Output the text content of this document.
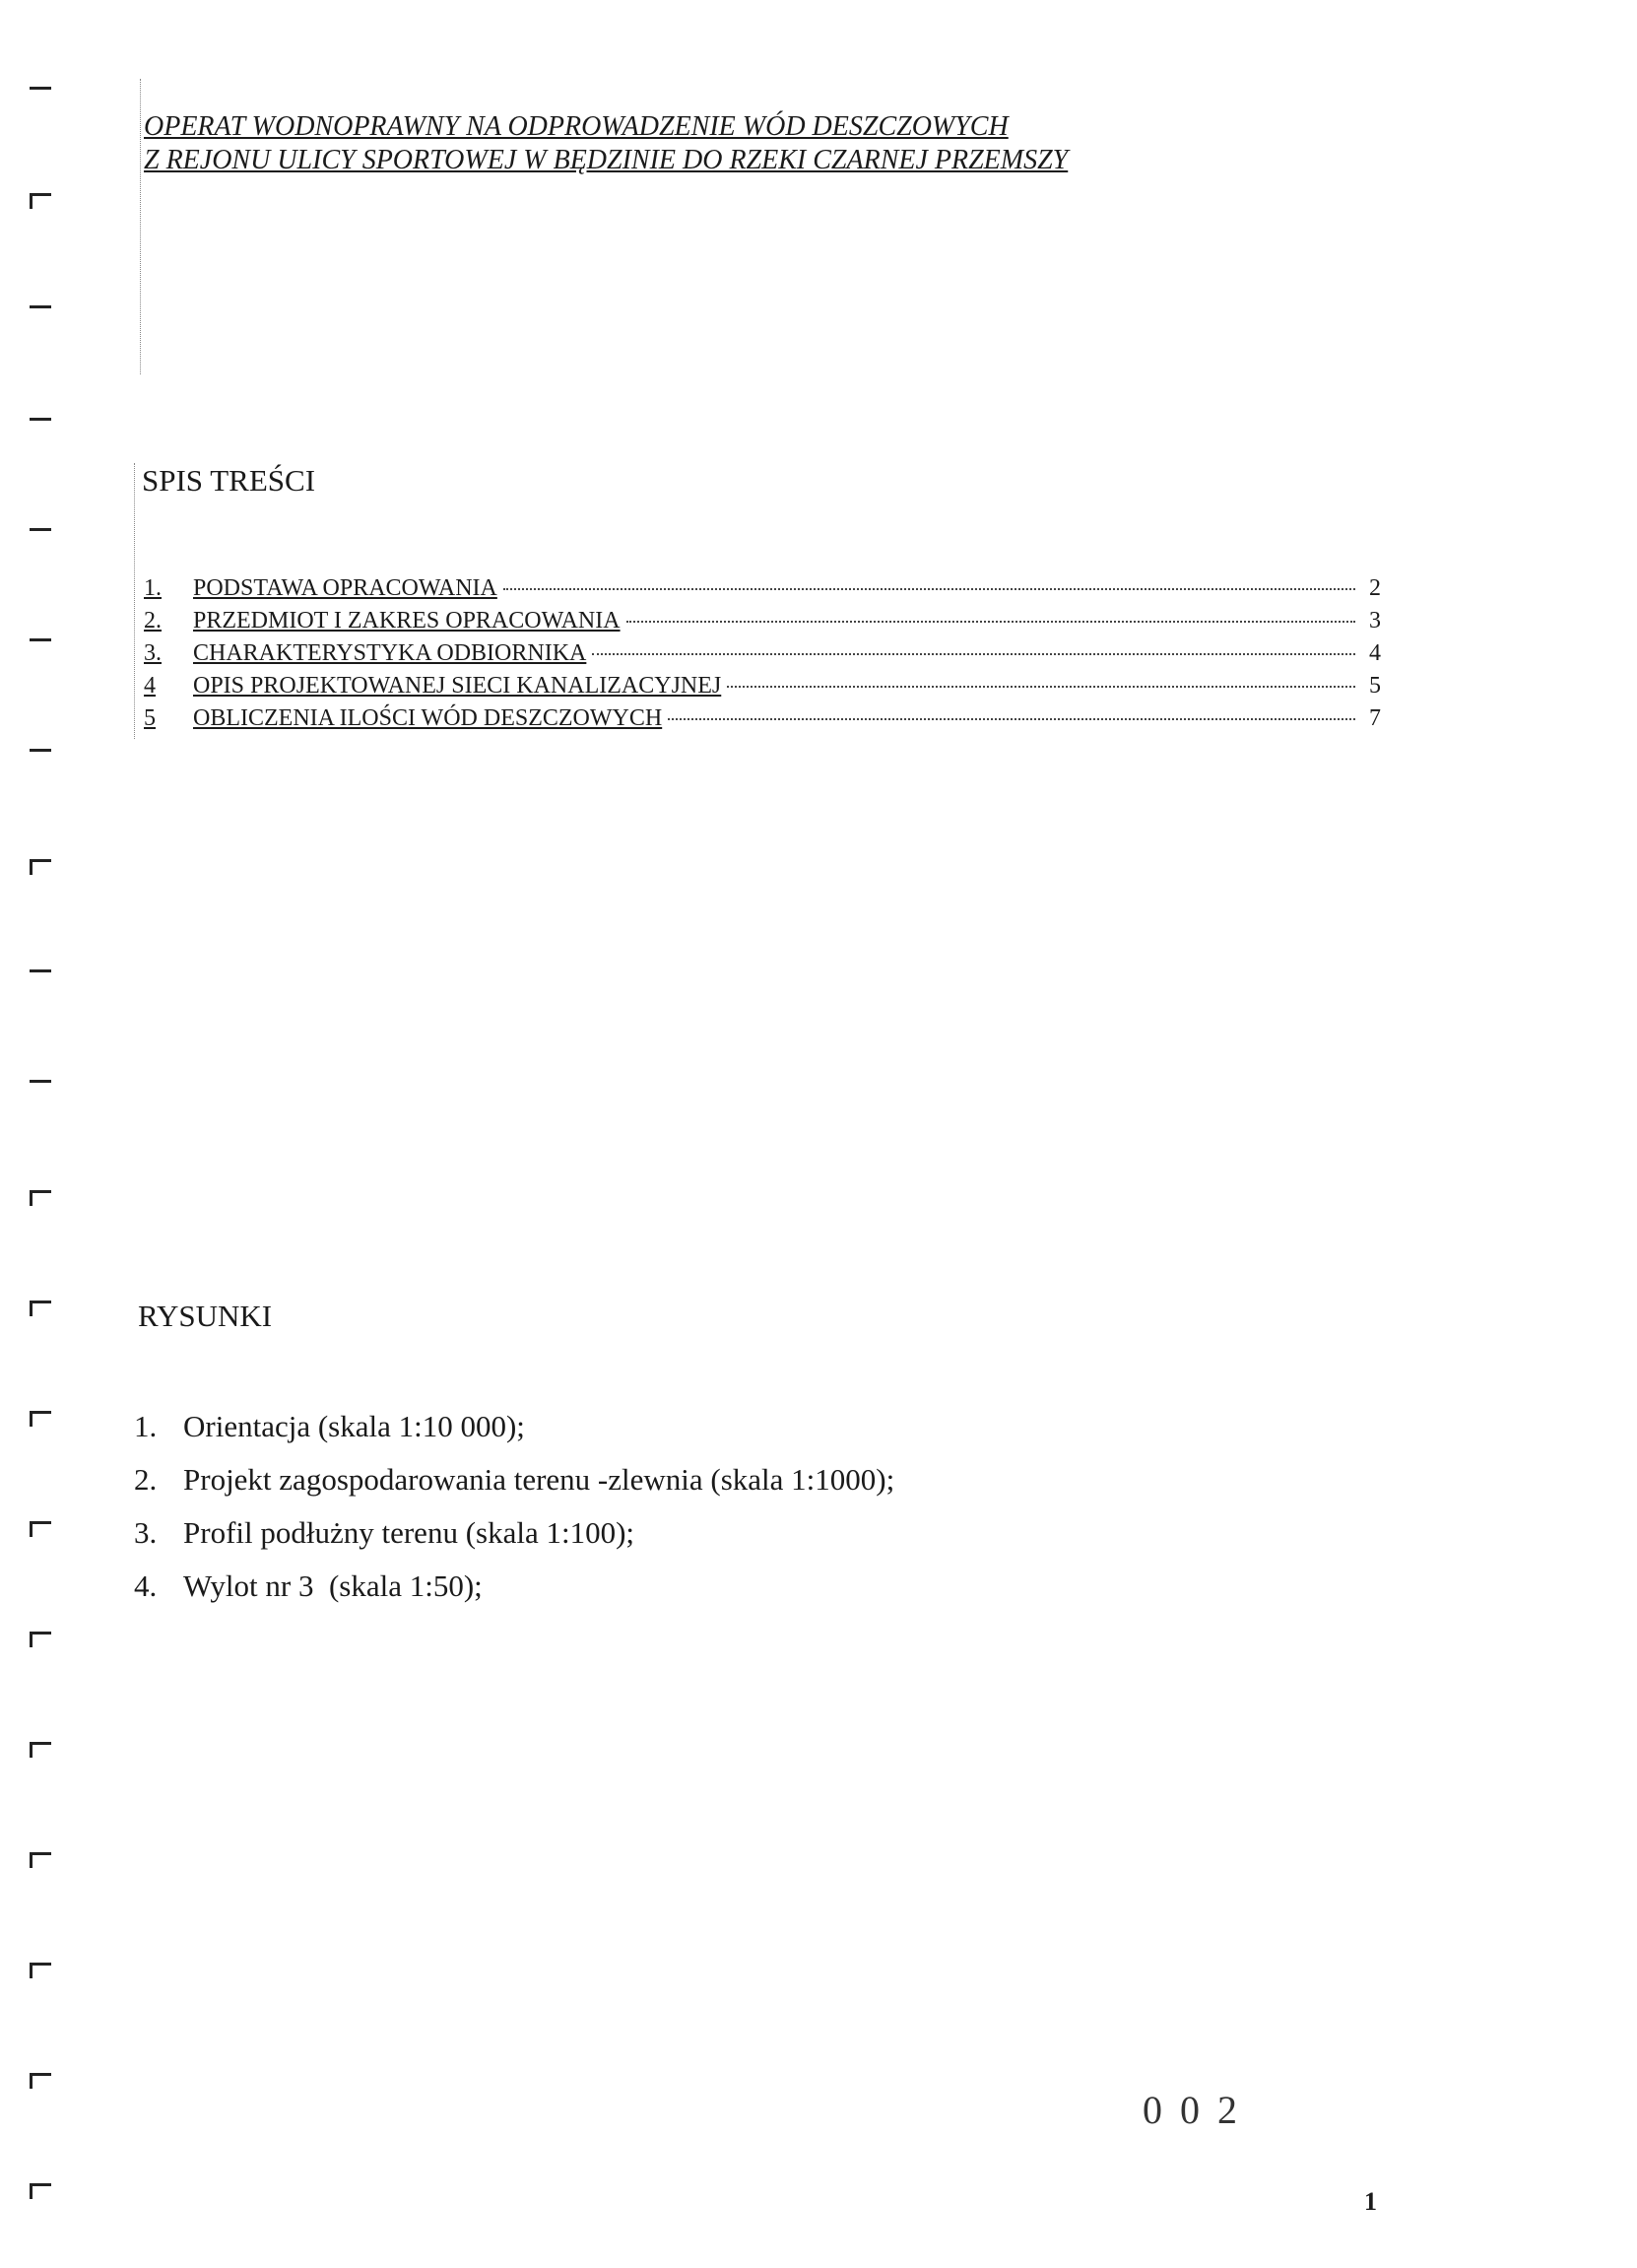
OPERAT WODNOPRAWNY NA ODPROWADZENIE WÓD DESZCZOWYCH
Z REJONU ULICY SPORTOWEJ W BĘDZINIE DO RZEKI CZARNEJ PRZEMSZY
SPIS TREŚCI
1.	PODSTAWA OPRACOWANIA	2
2.	PRZEDMIOT I ZAKRES OPRACOWANIA	3
3.	CHARAKTERYSTYKA ODBIORNIKA	4
4	OPIS PROJEKTOWANEJ SIECI KANALIZACYJNEJ	5
5	OBLICZENIA ILOŚCI WÓD DESZCZOWYCH	7
RYSUNKI
1. Orientacja (skala 1:10 000);
2. Projekt zagospodarowania terenu -zlewnia (skala 1:1000);
3. Profil podłużny terenu (skala 1:100);
4. Wylot nr 3  (skala 1:50);
0 0 2
1
